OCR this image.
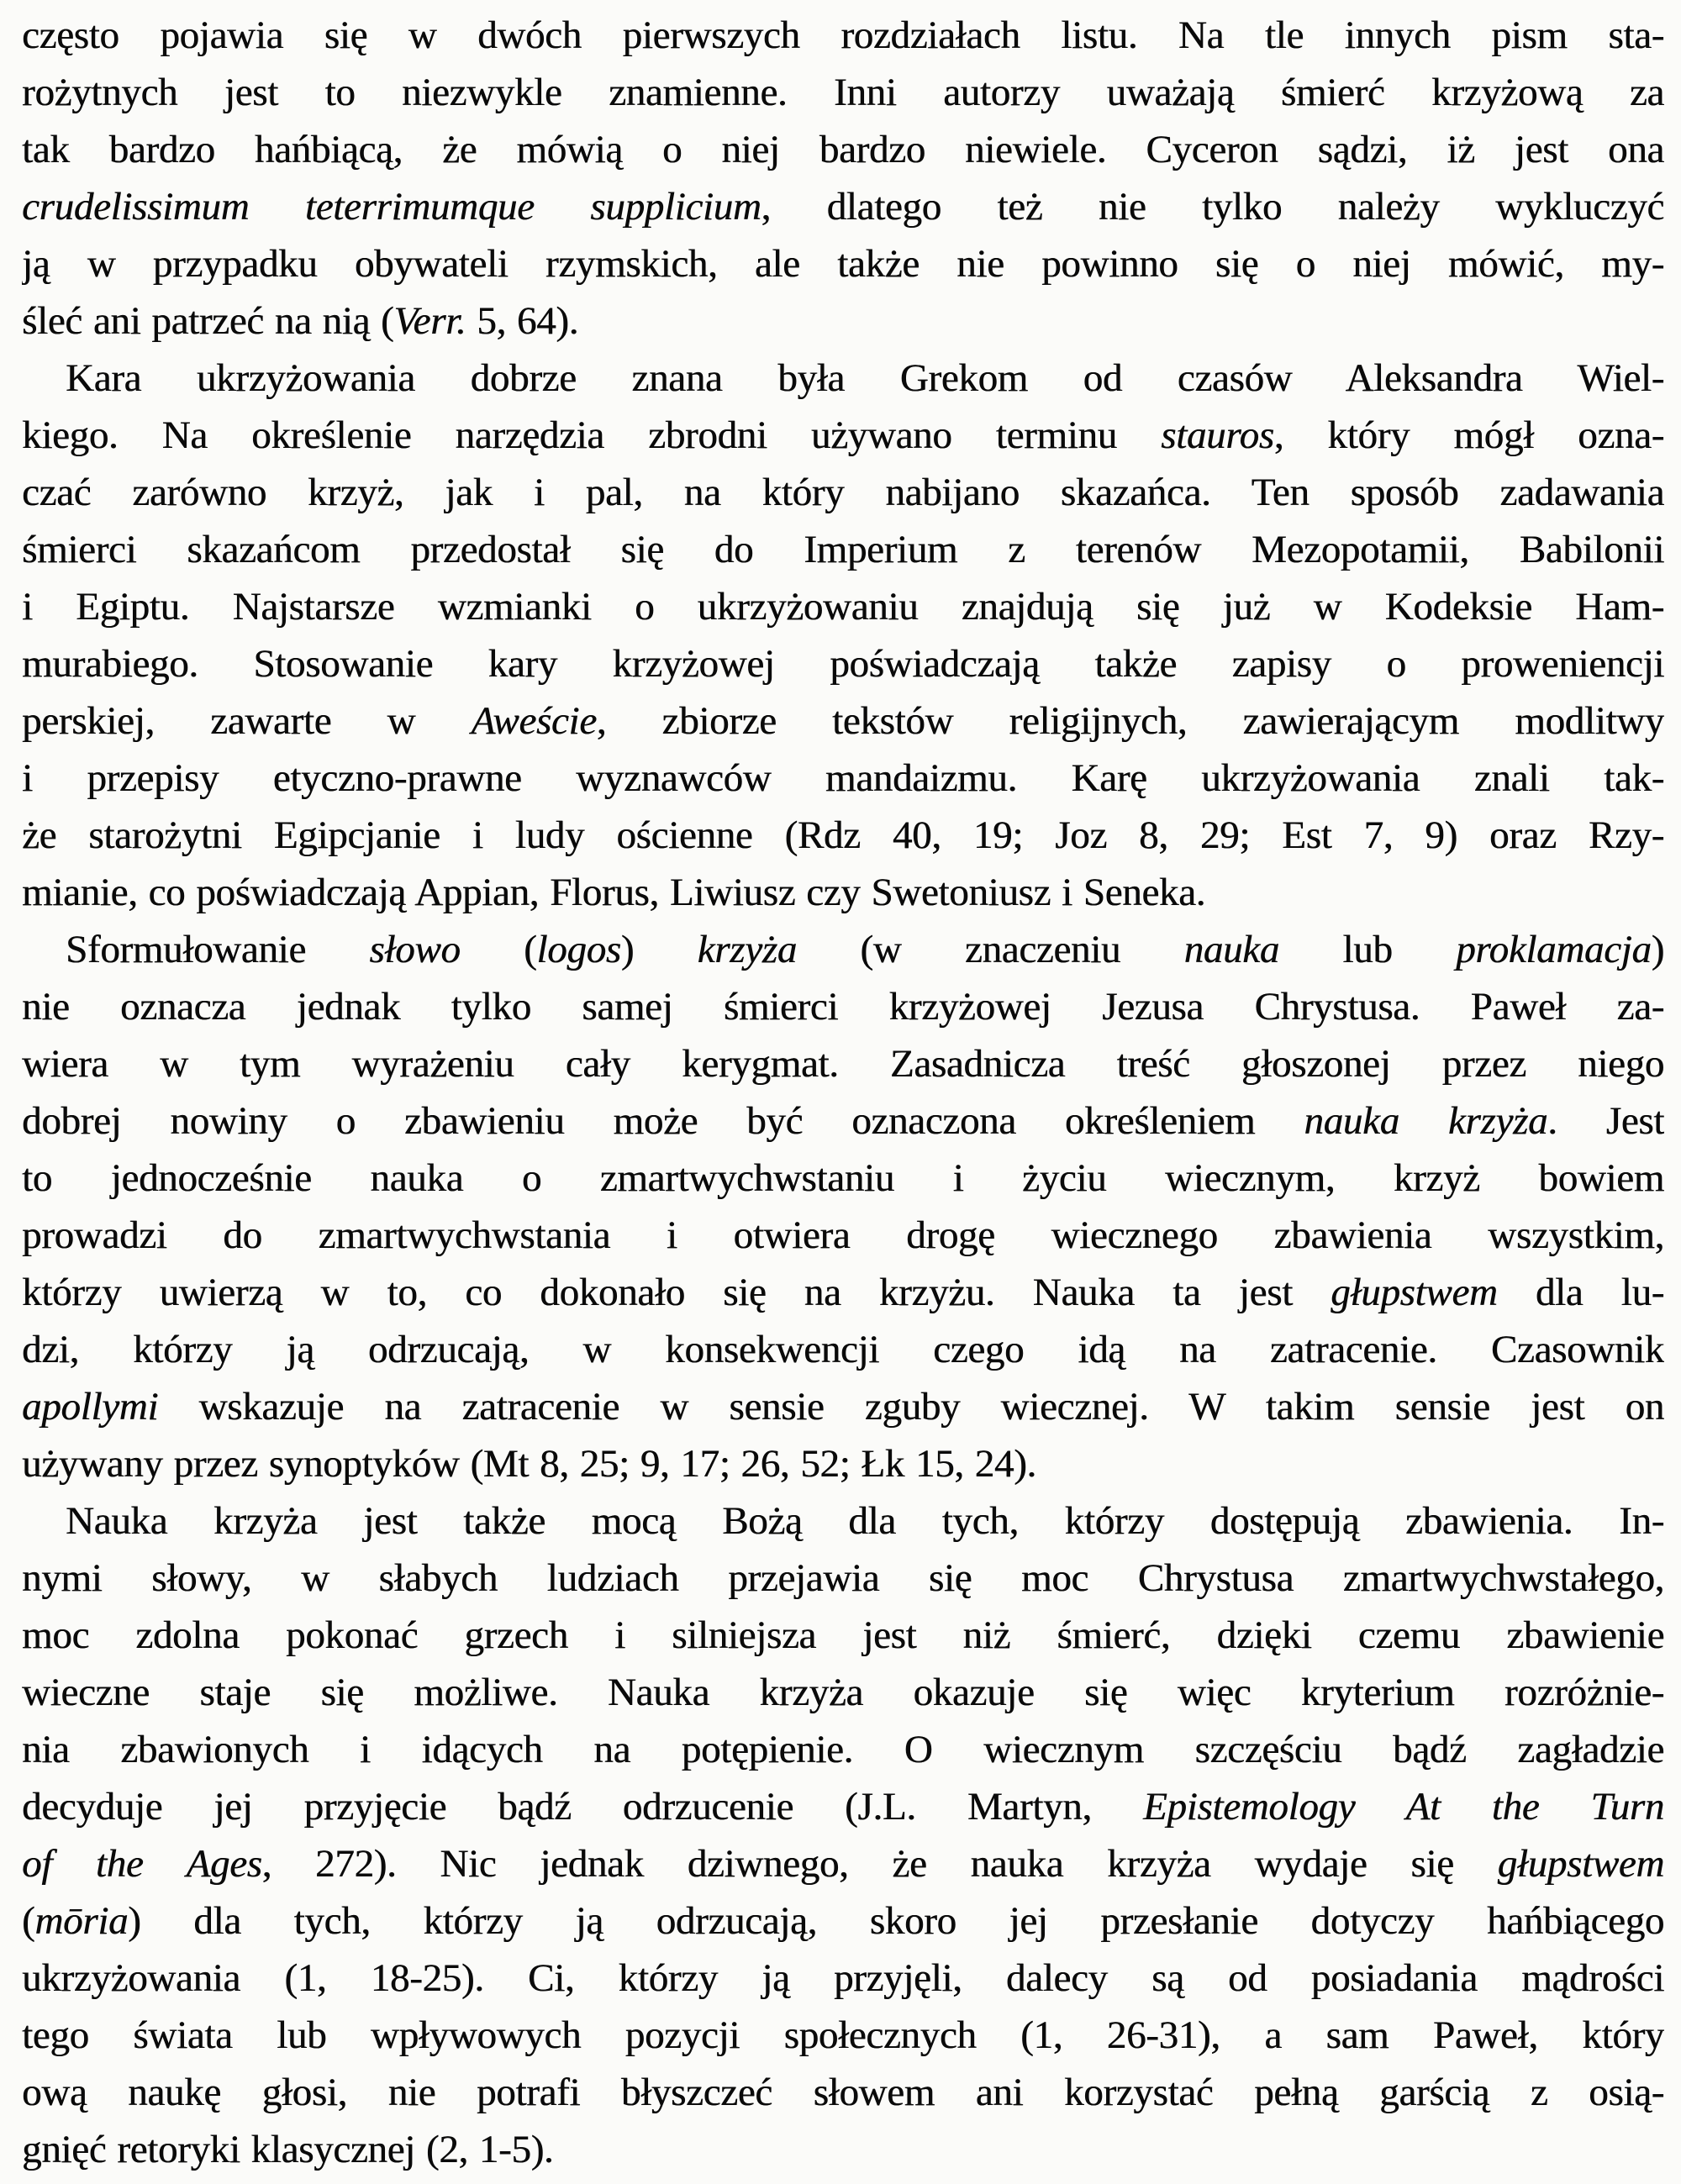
często pojawia się w dwóch pierwszych rozdziałach listu. Na tle innych pism sta-
rożytnych jest to niezwykle znamienne. Inni autorzy uważają śmierć krzyżową za
tak bardzo hańbiącą, że mówią o niej bardzo niewiele. Cyceron sądzi, iż jest ona
crudelissimum teterrimumque supplicium, dlatego też nie tylko należy wykluczyć
ją w przypadku obywateli rzymskich, ale także nie powinno się o niej mówić, my-
śleć ani patrzeć na nią (Verr. 5, 64).
Kara ukrzyżowania dobrze znana była Grekom od czasów Aleksandra Wiel-
kiego. Na określenie narzędzia zbrodni używano terminu stauros, który mógł ozna-
czać zarówno krzyż, jak i pal, na który nabijano skazańca. Ten sposób zadawania
śmierci skazańcom przedostał się do Imperium z terenów Mezopotamii, Babilonii
i Egiptu. Najstarsze wzmianki o ukrzyżowaniu znajdują się już w Kodeksie Ham-
murabiego. Stosowanie kary krzyżowej poświadczają także zapisy o proweniencji
perskiej, zawarte w Aweście, zbiorze tekstów religijnych, zawierającym modlitwy
i przepisy etyczno-prawne wyznawców mandaizmu. Karę ukrzyżowania znali tak-
że starożytni Egipcjanie i ludy ościenne (Rdz 40, 19; Joz 8, 29; Est 7, 9) oraz Rzy-
mianie, co poświadczają Appian, Florus, Liwiusz czy Swetoniusz i Seneka.
Sformułowanie słowo (logos) krzyża (w znaczeniu nauka lub proklamacja)
nie oznacza jednak tylko samej śmierci krzyżowej Jezusa Chrystusa. Paweł za-
wiera w tym wyrażeniu cały kerygmat. Zasadnicza treść głoszonej przez niego
dobrej nowiny o zbawieniu może być oznaczona określeniem nauka krzyża. Jest
to jednocześnie nauka o zmartwychwstaniu i życiu wiecznym, krzyż bowiem
prowadzi do zmartwychwstania i otwiera drogę wiecznego zbawienia wszystkim,
którzy uwierzą w to, co dokonało się na krzyżu. Nauka ta jest głupstwem dla lu-
dzi, którzy ją odrzucają, w konsekwencji czego idą na zatracenie. Czasownik
apollymi wskazuje na zatracenie w sensie zguby wiecznej. W takim sensie jest on
używany przez synoptyków (Mt 8, 25; 9, 17; 26, 52; Łk 15, 24).
Nauka krzyża jest także mocą Bożą dla tych, którzy dostępują zbawienia. In-
nymi słowy, w słabych ludziach przejawia się moc Chrystusa zmartwychwstałego,
moc zdolna pokonać grzech i silniejsza jest niż śmierć, dzięki czemu zbawienie
wieczne staje się możliwe. Nauka krzyża okazuje się więc kryterium rozróżnie-
nia zbawionych i idących na potępienie. O wiecznym szczęściu bądź zagładzie
decyduje jej przyjęcie bądź odrzucenie (J.L. Martyn, Epistemology At the Turn
of the Ages, 272). Nic jednak dziwnego, że nauka krzyża wydaje się głupstwem
(mōria) dla tych, którzy ją odrzucają, skoro jej przesłanie dotyczy hańbiącego
ukrzyżowania (1, 18-25). Ci, którzy ją przyjęli, dalecy są od posiadania mądrości
tego świata lub wpływowych pozycji społecznych (1, 26-31), a sam Paweł, który
ową naukę głosi, nie potrafi błyszczeć słowem ani korzystać pełną garścią z osią-
gnięć retoryki klasycznej (2, 1-5).
